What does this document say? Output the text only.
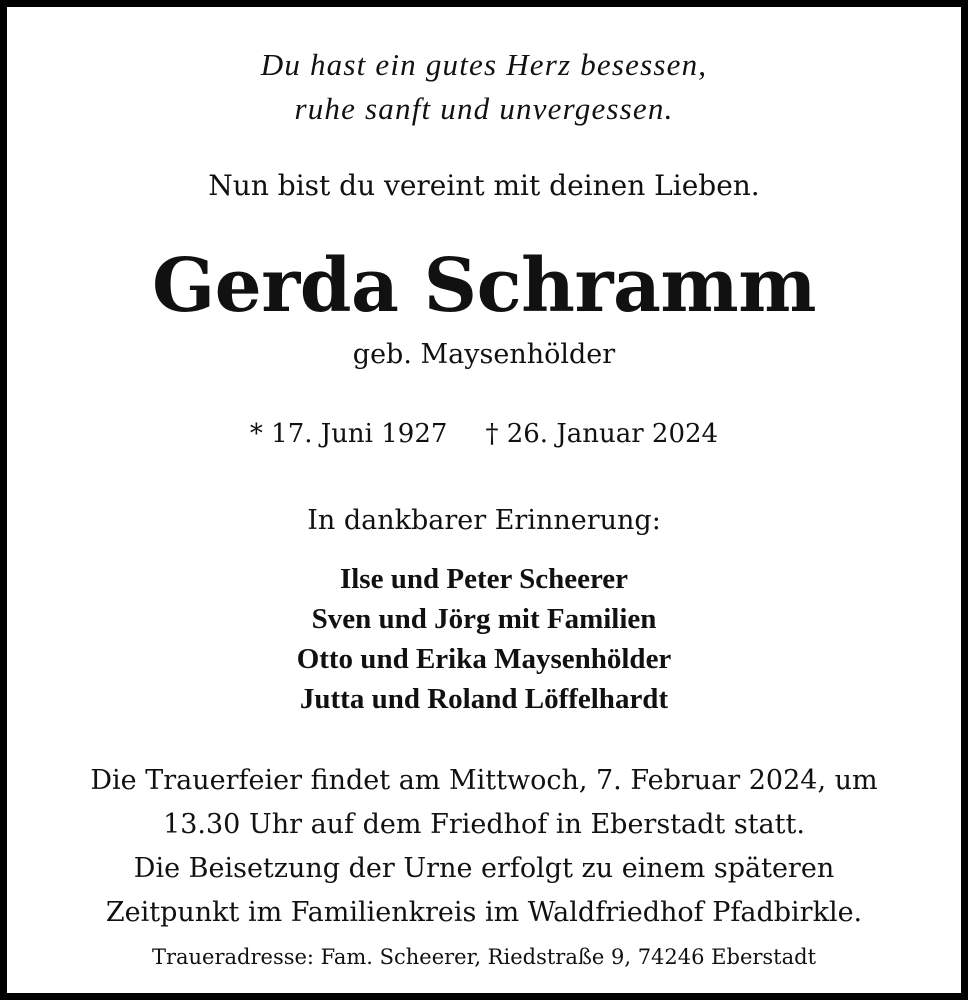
Du hast ein gutes Herz besessen,
ruhe sanft und unvergessen.
Nun bist du vereint mit deinen Lieben.
Gerda Schramm
geb. Maysenhölder
* 17. Juni 1927 † 26. Januar 2024
In dankbarer Erinnerung:
Ilse und Peter Scheerer
Sven und Jörg mit Familien
Otto und Erika Maysenhölder
Jutta und Roland Löffelhardt
Die Trauerfeier findet am Mittwoch, 7. Februar 2024, um
13.30 Uhr auf dem Friedhof in Eberstadt statt.
Die Beisetzung der Urne erfolgt zu einem späteren
Zeitpunkt im Familienkreis im Waldfriedhof Pfadbirkle.
Traueradresse: Fam. Scheerer, Riedstraße 9, 74246 Eberstadt
